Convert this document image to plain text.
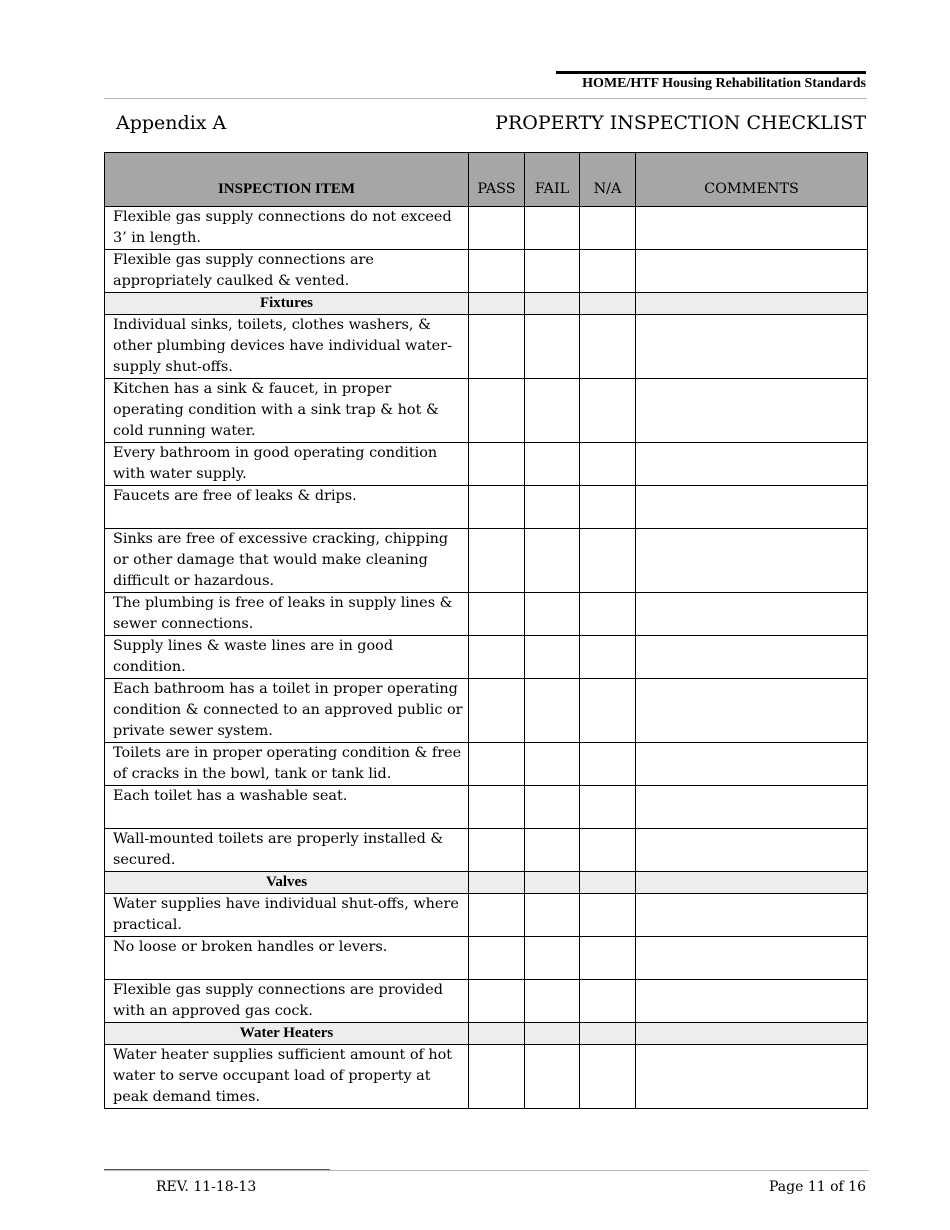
HOME/HTF Housing Rehabilitation Standards
Appendix A	PROPERTY INSPECTION CHECKLIST
INSPECTION ITEM	PASS	FAIL	N/A	COMMENTS
Flexible gas supply connections do not exceed 3’ in length.				
Flexible gas supply connections are appropriately caulked & vented.				
Fixtures				
Individual sinks, toilets, clothes washers, & other plumbing devices have individual water-supply shut-offs.				
Kitchen has a sink & faucet, in proper operating condition with a sink trap & hot & cold running water.				
Every bathroom in good operating condition with water supply.				
Faucets are free of leaks & drips.				
Sinks are free of excessive cracking, chipping or other damage that would make cleaning difficult or hazardous.				
The plumbing is free of leaks in supply lines & sewer connections.				
Supply lines & waste lines are in good condition.				
Each bathroom has a toilet in proper operating condition & connected to an approved public or private sewer system.				
Toilets are in proper operating condition & free of cracks in the bowl, tank or tank lid.				
Each toilet has a washable seat.				
Wall-mounted toilets are properly installed & secured.				
Valves				
Water supplies have individual shut-offs, where practical.				
No loose or broken handles or levers.				
Flexible gas supply connections are provided with an approved gas cock.				
Water Heaters				
Water heater supplies sufficient amount of hot water to serve occupant load of property at peak demand times.				
REV. 11-18-13	Page 11 of 16
